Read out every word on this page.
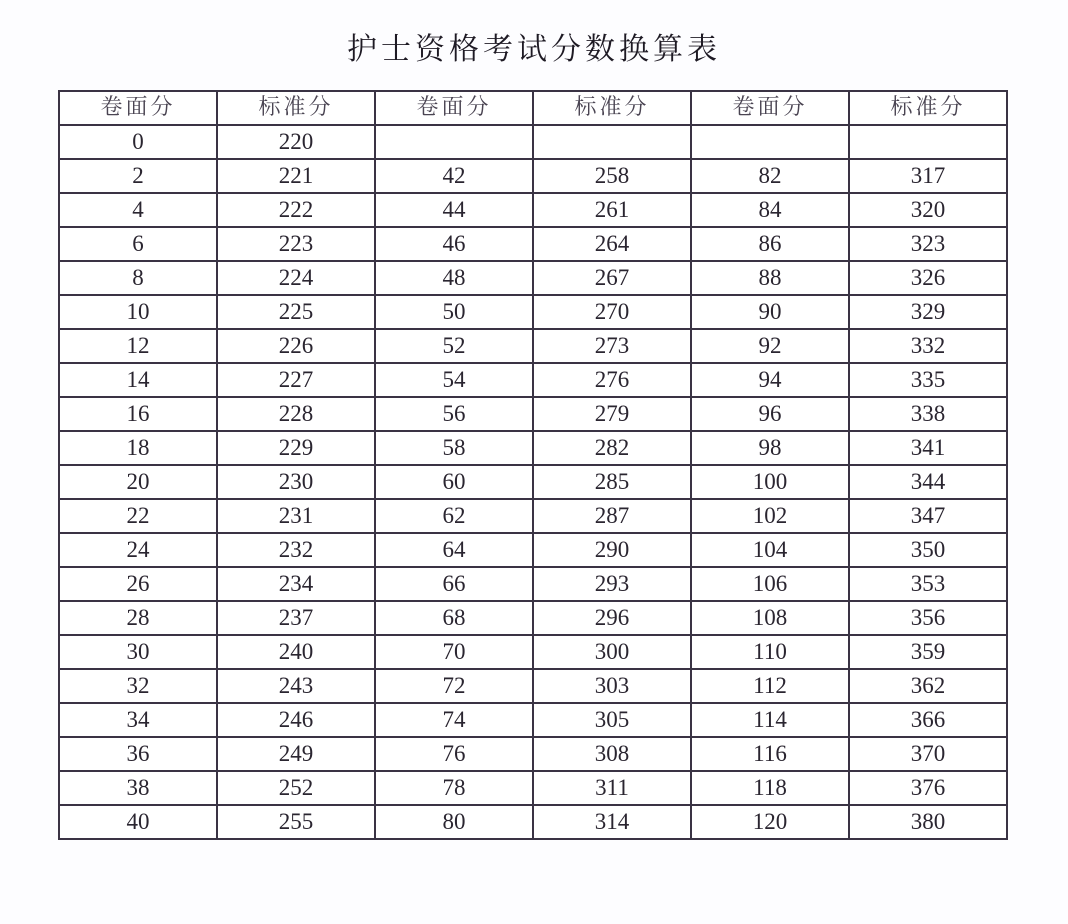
护士资格考试分数换算表
卷面分	标准分	卷面分	标准分	卷面分	标准分
0	220				
2	221	42	258	82	317
4	222	44	261	84	320
6	223	46	264	86	323
8	224	48	267	88	326
10	225	50	270	90	329
12	226	52	273	92	332
14	227	54	276	94	335
16	228	56	279	96	338
18	229	58	282	98	341
20	230	60	285	100	344
22	231	62	287	102	347
24	232	64	290	104	350
26	234	66	293	106	353
28	237	68	296	108	356
30	240	70	300	110	359
32	243	72	303	112	362
34	246	74	305	114	366
36	249	76	308	116	370
38	252	78	311	118	376
40	255	80	314	120	380
